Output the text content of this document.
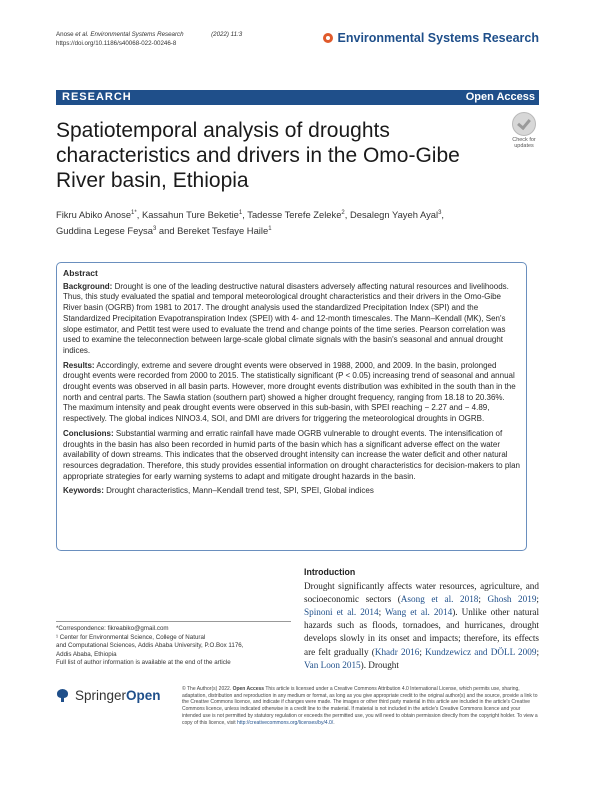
Anose et al. Environmental Systems Research	(2022) 11:3
https://doi.org/10.1186/s40068-022-00246-8	Environmental Systems Research
RESEARCH	Open Access
Spatiotemporal analysis of droughts characteristics and drivers in the Omo-Gibe River basin, Ethiopia
Check for
updates
Fikru Abiko Anose$^{1*}$, Kassahun Ture Beketie$^1$, Tadesse Terefe Zeleke$^2$, Desalegn Yayeh Ayal$^3$,
Guddina Legese Feysa$^3$ and Bereket Tesfaye Haile$^1$
Abstract

Background: Drought is one of the leading destructive natural disasters adversely affecting natural resources and livelihoods. Thus, this study evaluated the spatial and temporal meteorological drought characteristics and their drivers in the Omo-Gibe River basin (OGRB) from 1981 to 2017. The drought analysis used the standardized Precipitation Index (SPI) and the Standardized Precipitation Evapotranspiration Index (SPEI) with 4- and 12-month timescales. The Mann–Kendall (MK), Sen's slope estimator, and Pettit test were used to evaluate the trend and change points of the time series. Pearson correlation was used to examine the teleconnection between large-scale global climate signals with the basin's seasonal and annual drought indices.

Results: Accordingly, extreme and severe drought events were observed in 1988, 2000, and 2009. In the basin, prolonged drought events were recorded from 2000 to 2015. The statistically significant (P < 0.05) increasing trend of seasonal and annual drought events was observed in all basin parts. However, more drought events distribution was exhibited in the south than in the north and central parts. The Sawla station (southern part) showed a higher drought frequency, ranging from 18.18 to 20.36%. The maximum intensity and peak drought events were observed in this sub-basin, with SPEI reaching − 2.27 and − 4.89, respectively. The global indices NINO3.4, SOI, and DMI are drivers for triggering the meteorological droughts in OGRB.

Conclusions: Substantial warming and erratic rainfall have made OGRB vulnerable to drought events. The intensification of droughts in the basin has also been recorded in humid parts of the basin which has a significant adverse effect on the water availability of down streams. This indicates that the observed drought intensity can increase the water deficit and other natural resources degradation. Therefore, this study provides essential information on drought characteristics for decision-makers to plan appropriate strategies for early warning systems to adapt and mitigate drought hazards in the basin.

Keywords: Drought characteristics, Mann–Kendall trend test, SPI, SPEI, Global indices

Introduction
Drought significantly affects water resources, agriculture, and socioeconomic sectors (Asong et al. 2018; Ghosh 2019; Spinoni et al. 2014; Wang et al. 2014). Unlike other natural hazards such as floods, tornadoes, and hurricanes, drought develops slowly in its onset and impacts; therefore, its effects are felt gradually (Khadr 2016; Kundzewicz and DÖLL 2009; Van Loon 2015). Drought
*Correspondence: fikreabiko@gmail.com
¹ Center for Environmental Science, College of Natural
and Computational Sciences, Addis Ababa University, P.O.Box 1176,
Addis Ababa, Ethiopia
Full list of author information is available at the end of the article
SpringerOpen	© The Author(s) 2022. Open Access This article is licensed under a Creative Commons Attribution 4.0 International License, which permits use, sharing, adaptation, distribution and reproduction in any medium or format, as long as you give appropriate credit to the original author(s) and the source, provide a link to the Creative Commons licence, and indicate if changes were made. The images or other third party material in this article are included in the article's Creative Commons licence, unless indicated otherwise in a credit line to the material. If material is not included in the article's Creative Commons licence and your intended use is not permitted by statutory regulation or exceeds the permitted use, you will need to obtain permission directly from the copyright holder. To view a copy of this licence, visit http://creativecommons.org/licenses/by/4.0/.
